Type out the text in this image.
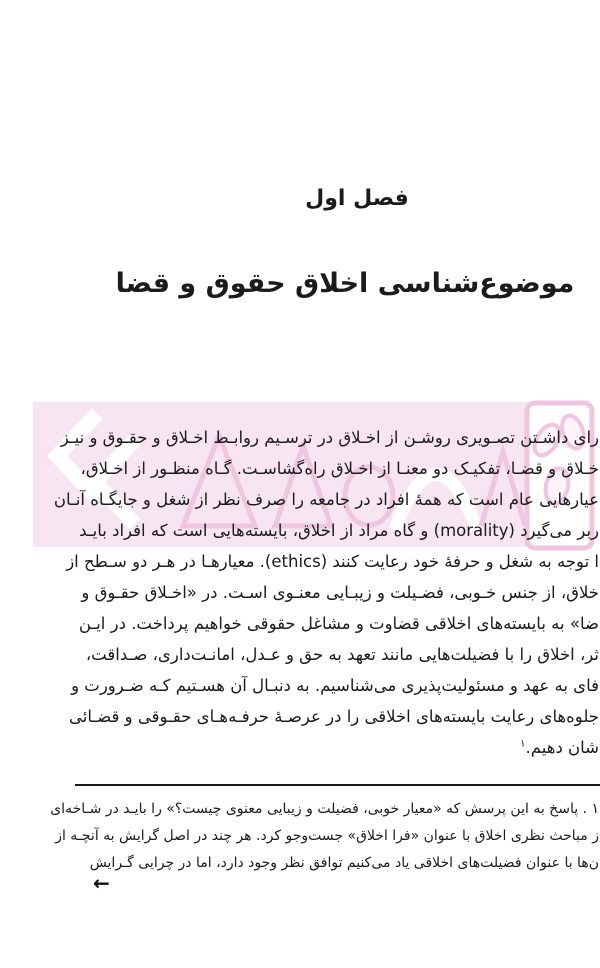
فصل اول
موضوع‌شناسی اخلاق حقوق و قضا
رای داشـتن تصـویری روشـن از اخـلاق در ترسـیم روابـط اخـلاق و حقـوق و نیـز
خـلاق و قضـا، تفکیـک دو معنـا از اخـلاق راه‌گشاسـت. گـاه منظـور از اخـلاق،
عیارهایی عام است که همهٔ افراد در جامعه را صرف نظر از شغل و جایگـاه آنـان
ربر می‌گیرد (morality) و گاه مراد از اخلاق، بایسته‌هایی است که افراد بایـد
ا توجه به شغل و حرفهٔ خود رعایت کنند (ethics). معیارهـا در هـر دو سـطح از
خلاق، از جنس خـوبی، فضـیلت و زیبـایی معنـوی اسـت. در «اخـلاق حقـوق و
ضا» به بایسته‌های اخلاقی قضاوت و مشاغل حقوقی خواهیم پرداخت. در ایـن
ثر، اخلاق را با فضیلت‌هایی مانند تعهد به حق و عـدل، امانـت‌داری، صـداقت،
فای به عهد و مسئولیت‌پذیری می‌شناسیم. به دنبـال آن هسـتیم کـه ضـرورت و
جلوه‌های رعایت بایسته‌های اخلاقی را در عرصـهٔ حرفـه‌هـای حقـوقی و قضـائی
شان دهیم.$^۱$
۱ . پاسخ به این پرسش که «معیار خوبی، فضیلت و زیبایی معنوی چیست؟» را بایـد در شـاخه‌ای
ز مباحث نظری اخلاق با عنوان «فرا اخلاق» جست‌وجو کرد. هر چند در اصل گرایش به آنچـه از
ن‌ها با عنوان فضیلت‌های اخلاقی یاد می‌کنیم توافق نظر وجود دارد، اما در چرایی گـرایش
←
